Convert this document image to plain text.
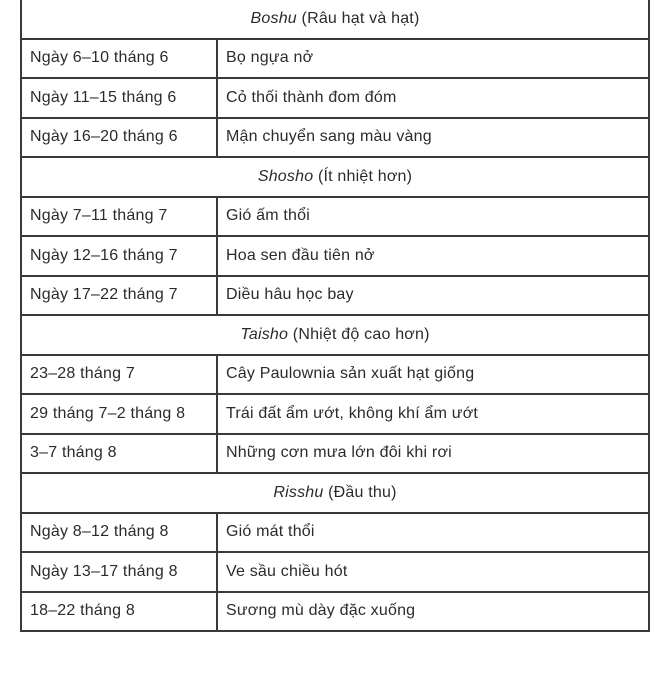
Boshu (Râu hạt và hạt)	
Ngày 6–10 tháng 6	Bọ ngựa nở
Ngày 11–15 tháng 6	Cỏ thối thành đom đóm
Ngày 16–20 tháng 6	Mận chuyển sang màu vàng
Shosho (Ít nhiệt hơn)	
Ngày 7–11 tháng 7	Gió ấm thổi
Ngày 12–16 tháng 7	Hoa sen đầu tiên nở
Ngày 17–22 tháng 7	Diều hâu học bay
Taisho (Nhiệt độ cao hơn)	
23–28 tháng 7	Cây Paulownia sản xuất hạt giống
29 tháng 7–2 tháng 8	Trái đất ẩm ướt, không khí ẩm ướt
3–7 tháng 8	Những cơn mưa lớn đôi khi rơi
Risshu (Đầu thu)	
Ngày 8–12 tháng 8	Gió mát thổi
Ngày 13–17 tháng 8	Ve sầu chiều hót
18–22 tháng 8	Sương mù dày đặc xuống
